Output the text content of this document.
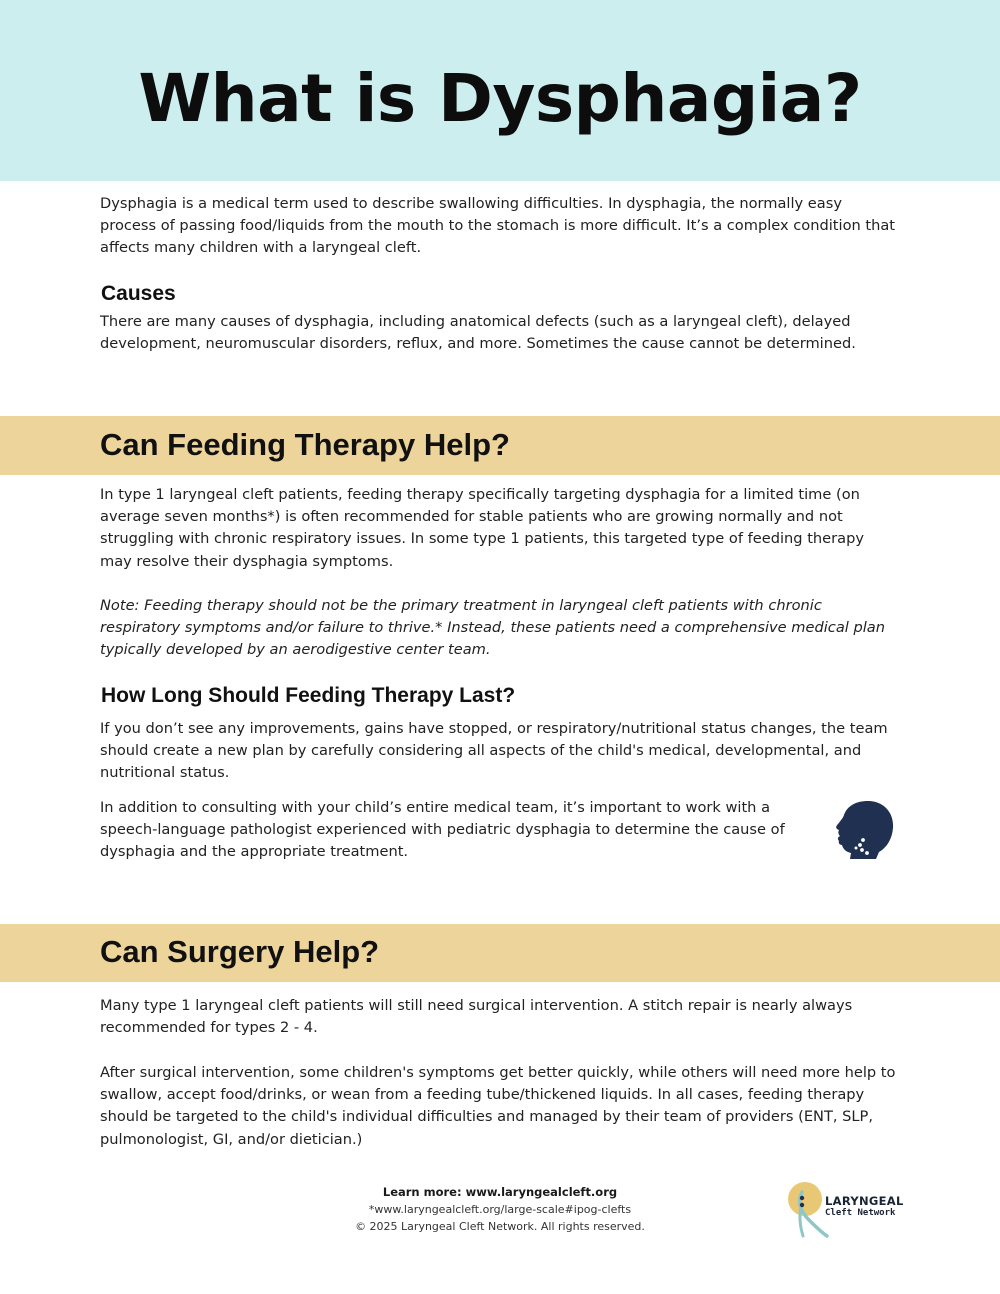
What is Dysphagia?

Dysphagia is a medical term used to describe swallowing difficulties. In dysphagia, the normally easy process of passing food/liquids from the mouth to the stomach is more difficult. It’s a complex condition that affects many children with a laryngeal cleft.

Causes

There are many causes of dysphagia, including anatomical defects (such as a laryngeal cleft), delayed development, neuromuscular disorders, reflux, and more. Sometimes the cause cannot be determined.

Can Feeding Therapy Help?

In type 1 laryngeal cleft patients, feeding therapy specifically targeting dysphagia for a limited time (on average seven months*) is often recommended for stable patients who are growing normally and not struggling with chronic respiratory issues. In some type 1 patients, this targeted type of feeding therapy may resolve their dysphagia symptoms.

Note: Feeding therapy should not be the primary treatment in laryngeal cleft patients with chronic respiratory symptoms and/or failure to thrive.* Instead, these patients need a comprehensive medical plan typically developed by an aerodigestive center team.

How Long Should Feeding Therapy Last?

If you don’t see any improvements, gains have stopped, or respiratory/nutritional status changes, the team should create a new plan by carefully considering all aspects of the child's medical, developmental, and nutritional status.

In addition to consulting with your child’s entire medical team, it’s important to work with a speech-language pathologist experienced with pediatric dysphagia to determine the cause of dysphagia and the appropriate treatment.

Can Surgery Help?

Many type 1 laryngeal cleft patients will still need surgical intervention. A stitch repair is nearly always recommended for types 2 - 4.

After surgical intervention, some children's symptoms get better quickly, while others will need more help to swallow, accept food/drinks, or wean from a feeding tube/thickened liquids. In all cases, feeding therapy should be targeted to the child's individual difficulties and managed by their team of providers (ENT, SLP, pulmonologist, GI, and/or dietician.)

Learn more: www.laryngealcleft.org
*www.laryngealcleft.org/large-scale#ipog-clefts
© 2025 Laryngeal Cleft Network. All rights reserved.
LARYNGEAL
Cleft Network
